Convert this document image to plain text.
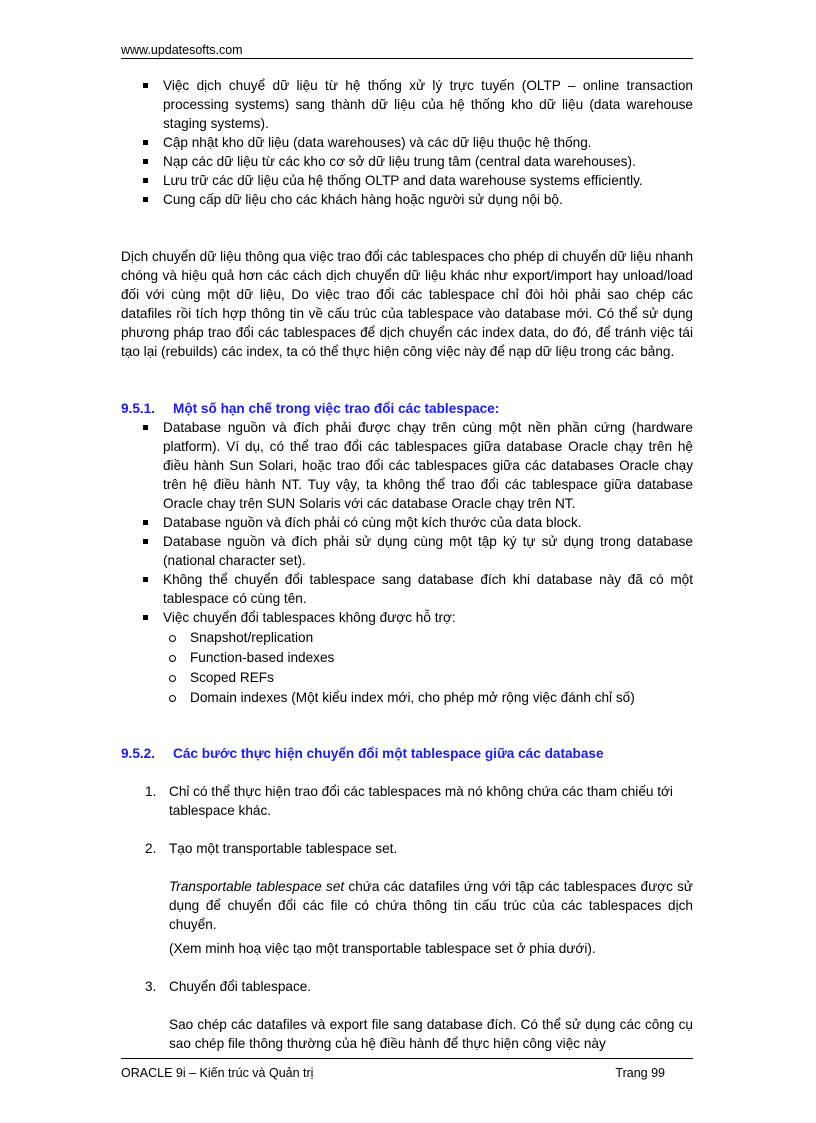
www.updatesofts.com
Việc dịch chuyể dữ liệu từ hệ thống xử lý trực tuyến (OLTP – online transaction processing systems) sang thành dữ liệu của hệ thống kho dữ liệu (data warehouse staging systems).
Cập nhật kho dữ liệu (data warehouses) và các dữ liệu thuộc hệ thống.
Nạp các dữ liệu từ các kho cơ sở dữ liệu trung tâm (central data warehouses).
Lưu trữ các dữ liệu của hệ thống OLTP and data warehouse systems efficiently.
Cung cấp dữ liệu cho các khách hàng hoặc người sử dụng nội bộ.

Dịch chuyển dữ liệu thông qua việc trao đổi các tablespaces cho phép di chuyển dữ liệu nhanh chóng và hiệu quả hơn các cách dịch chuyển dữ liệu khác như export/import hay unload/load đối với cùng một dữ liệu, Do việc trao đổi các tablespace chỉ đòi hỏi phải sao chép các datafiles rồi tích hợp thông tin về cấu trúc của tablespace vào database mới. Có thể sử dụng phương pháp trao đổi các tablespaces để dịch chuyển các index data, do đó, để tránh việc tái tạo lại (rebuilds) các index, ta có thể thực hiện công việc này để nạp dữ liệu trong các bảng.

9.5.1. Một số hạn chế trong việc trao đổi các tablespace:
Database nguồn và đích phải được chạy trên cùng một nền phần cứng (hardware platform). Ví dụ, có thể trao đổi các tablespaces giữa database Oracle chạy trên hệ điều hành Sun Solari, hoặc trao đổi các tablespaces giữa các databases Oracle chạy trên hệ điều hành NT. Tuy vậy, ta không thể trao đổi các tablespace giữa database Oracle chay trên SUN Solaris với các database Oracle chạy trên NT.
Database nguồn và đích phải có cùng một kích thước của data block.
Database nguồn và đích phải sử dụng cùng một tập ký tự sử dụng trong database (national character set).
Không thể chuyển đổi tablespace sang database đích khi database này đã có một tablespace có cùng tên.
Việc chuyển đổi tablespaces không được hỗ trợ:
Snapshot/replication
Function-based indexes
Scoped REFs
Domain indexes (Một kiểu index mới, cho phép mở rộng việc đánh chỉ số)
9.5.2. Các bước thực hiện chuyển đổi một tablespace giữa các database
1. Chỉ có thể thực hiện trao đổi các tablespaces mà nó không chứa các tham chiếu tới tablespace khác.
2. Tạo một transportable tablespace set.

Transportable tablespace set chứa các datafiles ứng với tập các tablespaces được sử dụng để chuyển đổi các file có chứa thông tin cấu trúc của các tablespaces dịch chuyển.

(Xem minh hoạ việc tạo một transportable tablespace set ở phia dưới).

3. Chuyển đổi tablespace.

Sao chép các datafiles và export file sang database đích. Có thể sử dụng các công cụ sao chép file thông thường của hệ điều hành để thực hiện công việc này

ORACLE 9i – Kiến trúc và Quản trị	Trang 99
